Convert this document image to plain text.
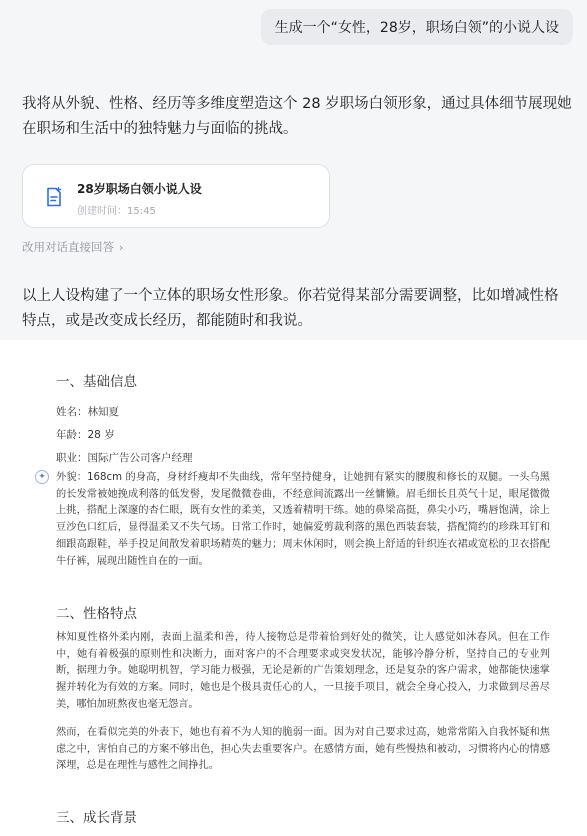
生成一个“女性，28岁，职场白领”的小说人设
我将从外貌、性格、经历等多维度塑造这个 28 岁职场白领形象，通过具体细节展现她在职场和生活中的独特魅力与面临的挑战。
28岁职场白领小说人设
创建时间：15:45
改用对话直接回答 ›
以上人设构建了一个立体的职场女性形象。你若觉得某部分需要调整，比如增减性格特点，或是改变成长经历，都能随时和我说。
一、基础信息
姓名：林知夏
年龄：28 岁
职业：国际广告公司客户经理
✦	外貌：168cm 的身高，身材纤瘦却不失曲线，常年坚持健身，让她拥有紧实的腰腹和修长的双腿。一头乌黑的长发常被她挽成利落的低发髻，发尾微微卷曲，不经意间流露出一丝慵懒。眉毛细长且英气十足，眼尾微微上挑，搭配上深邃的杏仁眼，既有女性的柔美，又透着精明干练。她的鼻梁高挺，鼻尖小巧，嘴唇饱满，涂上豆沙色口红后，显得温柔又不失气场。日常工作时，她偏爱剪裁利落的黑色西装套装，搭配简约的珍珠耳钉和细跟高跟鞋，举手投足间散发着职场精英的魅力；周末休闲时，则会换上舒适的针织连衣裙或宽松的卫衣搭配牛仔裤，展现出随性自在的一面。
二、性格特点
林知夏性格外柔内刚，表面上温柔和善，待人接物总是带着恰到好处的微笑，让人感觉如沐春风。但在工作中，她有着极强的原则性和决断力，面对客户的不合理要求或突发状况，能够冷静分析，坚持自己的专业判断，据理力争。她聪明机智，学习能力极强，无论是新的广告策划理念，还是复杂的客户需求，她都能快速掌握并转化为有效的方案。同时，她也是个极具责任心的人，一旦接手项目，就会全身心投入，力求做到尽善尽美，哪怕加班熬夜也毫无怨言。
然而，在看似完美的外表下，她也有着不为人知的脆弱一面。因为对自己要求过高，她常常陷入自我怀疑和焦虑之中，害怕自己的方案不够出色，担心失去重要客户。在感情方面，她有些慢热和被动，习惯将内心的情感深埋，总是在理性与感性之间挣扎。
三、成长背景
